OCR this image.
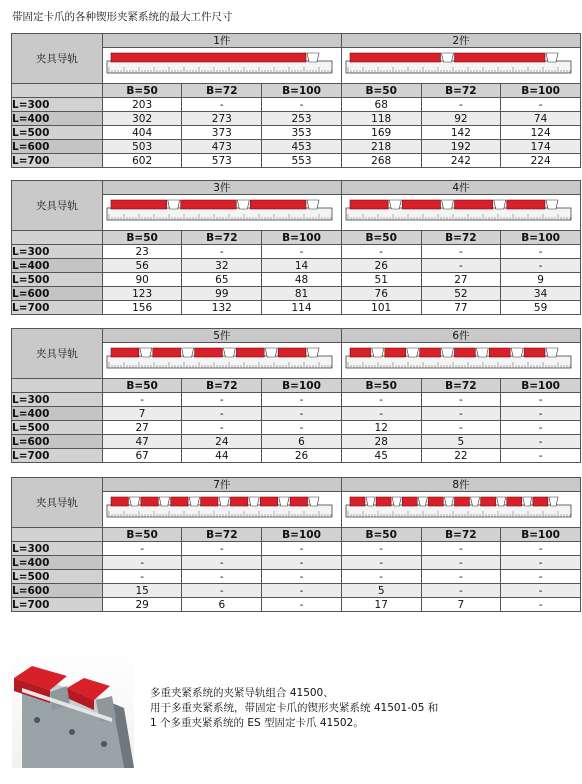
带固定卡爪的各种锲形夹紧系统的最大工件尺寸
夹具导轨	1件			2件		

	B=50	B=72	B=100	B=50	B=72	B=100
L=300	203	-	-	68	-	-
L=400	302	273	253	118	92	74
L=500	404	373	353	169	142	124
L=600	503	473	453	218	192	174
L=700	602	573	553	268	242	224
夹具导轨	3件			4件		

	B=50	B=72	B=100	B=50	B=72	B=100
L=300	23	-	-	-	-	-
L=400	56	32	14	26	-	-
L=500	90	65	48	51	27	9
L=600	123	99	81	76	52	34
L=700	156	132	114	101	77	59
夹具导轨	5件			6件		

	B=50	B=72	B=100	B=50	B=72	B=100
L=300	-	-	-	-	-	-
L=400	7	-	-	-	-	-
L=500	27	-	-	12	-	-
L=600	47	24	6	28	5	-
L=700	67	44	26	45	22	-
夹具导轨	7件			8件		

	B=50	B=72	B=100	B=50	B=72	B=100
L=300	-	-	-	-	-	-
L=400	-	-	-	-	-	-
L=500	-	-	-	-	-	-
L=600	15	-	-	5	-	-
L=700	29	6	-	17	7	-
多重夹紧系统的夹紧导轨组合 41500、
用于多重夹紧系统，带固定卡爪的锲形夹紧系统 41501-05 和
1 个多重夹紧系统的 ES 型固定卡爪 41502。
